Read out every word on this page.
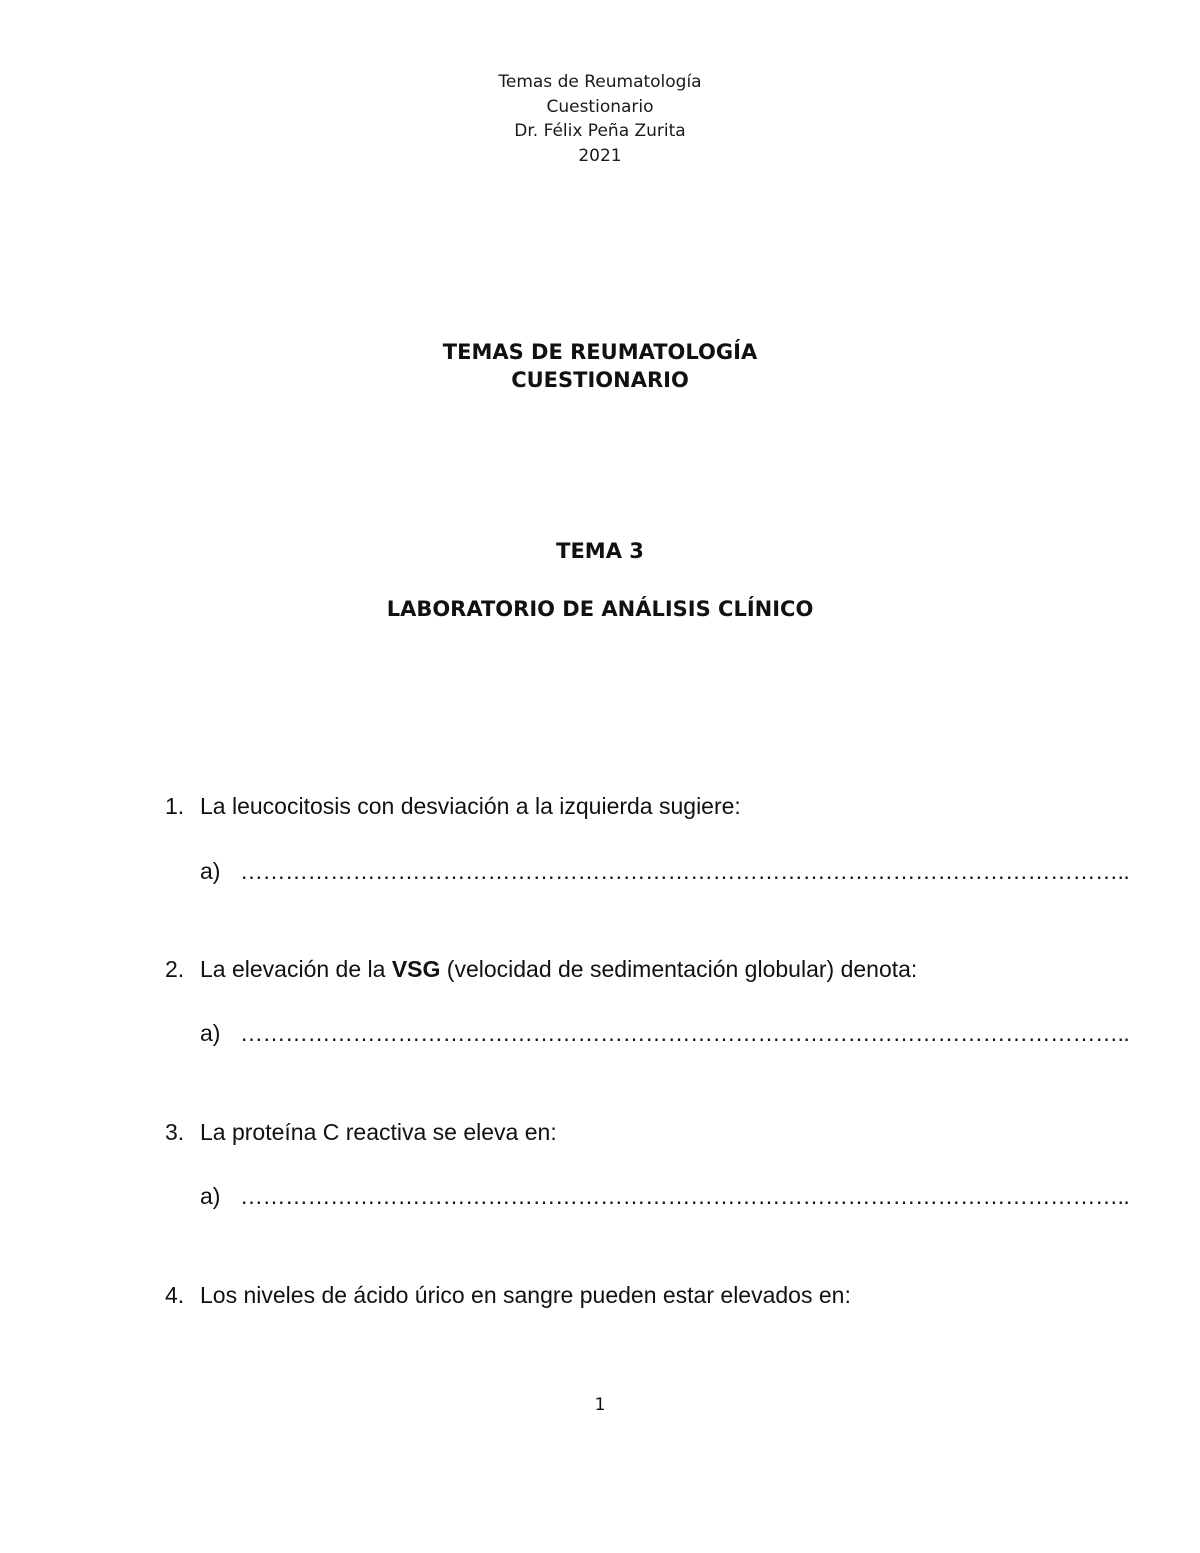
Temas de Reumatología
Cuestionario
Dr. Félix Peña Zurita
2021
TEMAS DE REUMATOLOGÍA
CUESTIONARIO
TEMA 3
LABORATORIO DE ANÁLISIS CLÍNICO
1. La leucocitosis con desviación a la izquierda sugiere:
a) ………………………………………………………………………………………………………..
2. La elevación de la VSG (velocidad de sedimentación globular) denota:
a) ………………………………………………………………………………………………………..
3. La proteína C reactiva se eleva en:
a) ………………………………………………………………………………………………………..
4. Los niveles de ácido úrico en sangre pueden estar elevados en:
1
